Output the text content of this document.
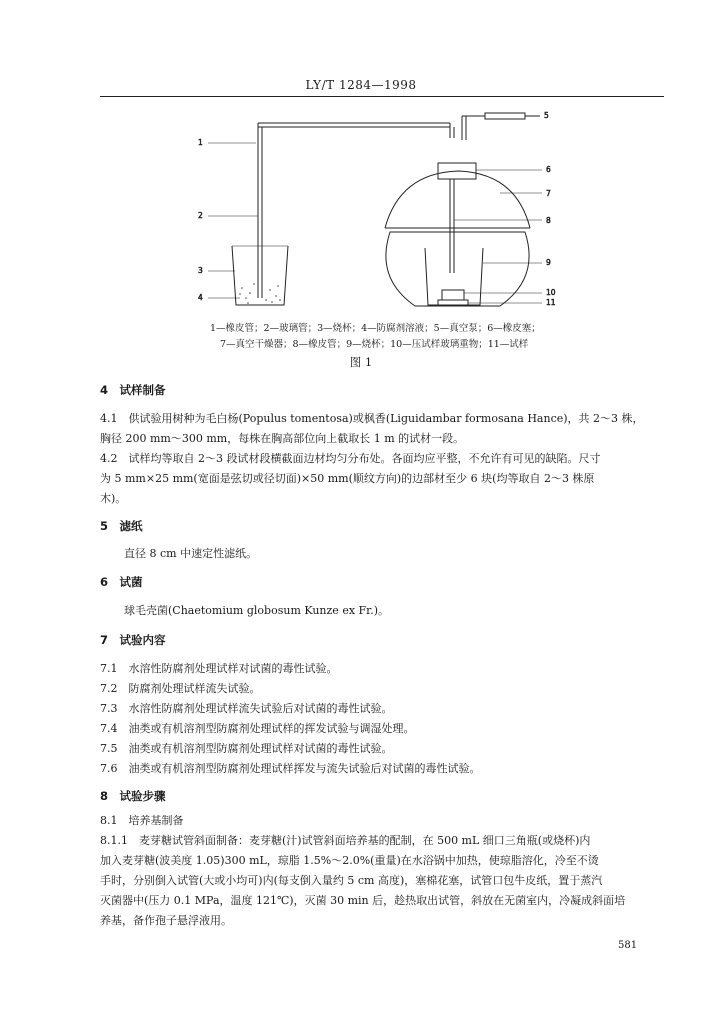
LY/T 1284—1998
1
2
3
4
5
6
7
8
9
10
11
1—橡皮管；2—玻璃管；3—烧杯；4—防腐剂溶液；5—真空泵；6—橡皮塞；
7—真空干燥器；8—橡皮管；9—烧杯；10—压试样玻璃重物；11—试样
图 1
4　试样制备
4.1　供试验用树种为毛白杨(Populus tomentosa)或枫香(Liguidambar formosana Hance)，共 2～3 株，
胸径 200 mm～300 mm，每株在胸高部位向上截取长 1 m 的试材一段。
4.2　试样均等取自 2～3 段试材段横截面边材均匀分布处。各面均应平整，不允许有可见的缺陷。尺寸
为 5 mm×25 mm(宽面是弦切或径切面)×50 mm(顺纹方向)的边部材至少 6 块(均等取自 2～3 株原
木)。
5　滤纸
直径 8 cm 中速定性滤纸。
6　试菌
球毛壳菌(Chaetomium globosum Kunze ex Fr.)。
7　试验内容
7.1　水溶性防腐剂处理试样对试菌的毒性试验。
7.2　防腐剂处理试样流失试验。
7.3　水溶性防腐剂处理试样流失试验后对试菌的毒性试验。
7.4　油类或有机溶剂型防腐剂处理试样的挥发试验与调湿处理。
7.5　油类或有机溶剂型防腐剂处理试样对试菌的毒性试验。
7.6　油类或有机溶剂型防腐剂处理试样挥发与流失试验后对试菌的毒性试验。
8　试验步骤
8.1　培养基制备
8.1.1　麦芽糖试管斜面制备：麦芽糖(汁)试管斜面培养基的配制，在 500 mL 细口三角瓶(或烧杯)内
加入麦芽糖(波美度 1.05)300 mL，琼脂 1.5%～2.0%(重量)在水浴锅中加热，使琼脂溶化，冷至不烫
手时，分别倒入试管(大或小均可)内(每支倒入量约 5 cm 高度)，塞棉花塞，试管口包牛皮纸，置于蒸汽
灭菌器中(压力 0.1 MPa，温度 121℃)，灭菌 30 min 后，趁热取出试管，斜放在无菌室内，冷凝成斜面培
养基，备作孢子悬浮液用。
581
